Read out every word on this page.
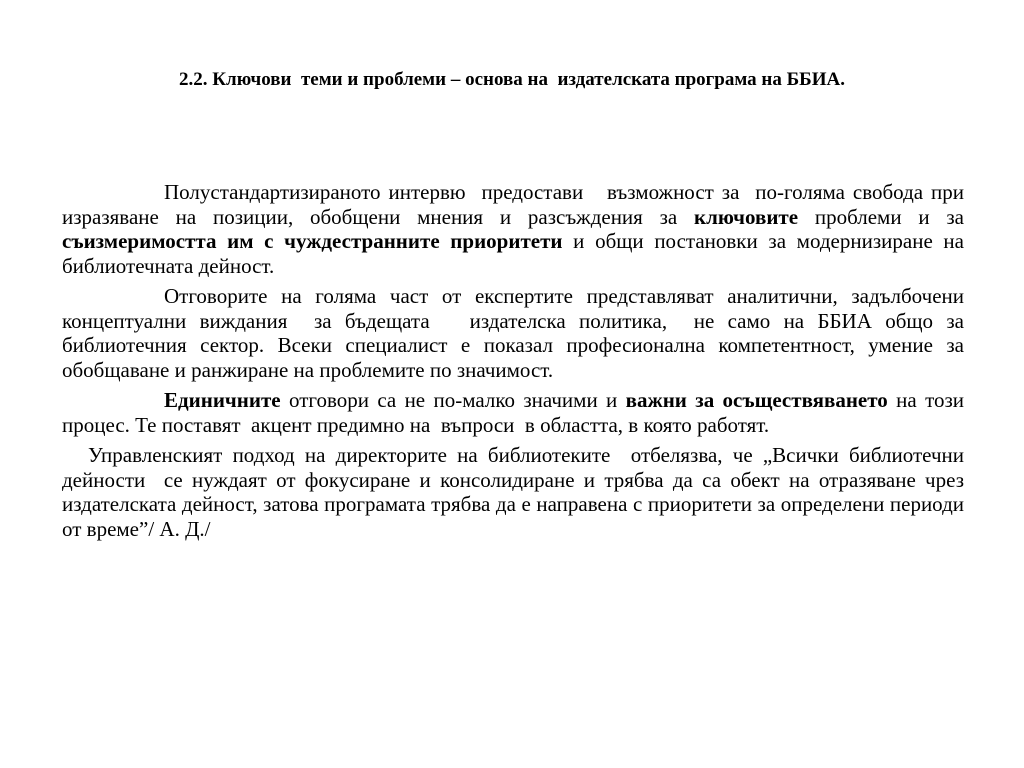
2.2. Ключови  теми и проблеми – основа на  издателската програма на ББИА.

Полустандартизираното интервю  предостави   възможност за  по-голяма свобода при изразяване на позиции, обобщени мнения и разсъждения за ключовите проблеми и за съизмеримостта им с чуждестранните приоритети и общи постановки за модернизиране на библиотечната дейност.

Отговорите на голяма част от експертите представляват аналитични, задълбочени концептуални виждания  за бъдещата   издателска политика,  не само на ББИА общо за библиотечния сектор. Всеки специалист е показал професионална компетентност, умение за обобщаване и ранжиране на проблемите по значимост.

Единичните отговори са не по-малко значими и важни за осъществяването на този процес. Те поставят  акцент предимно на  въпроси  в областта, в която работят.

Управленският подход на директорите на библиотеките  отбелязва, че „Всички библиотечни дейности  се нуждаят от фокусиране и консолидиране и трябва да са обект на отразяване чрез издателската дейност, затова програмата трябва да е направена с приоритети за определени периоди от време”/ А. Д./
